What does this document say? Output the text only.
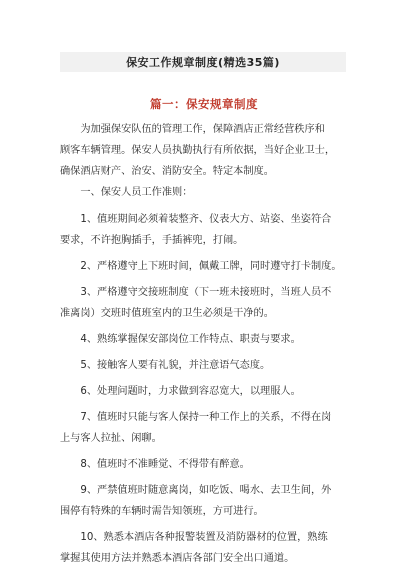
保安工作规章制度(精选35篇)
篇一：保安规章制度
　　为加强保安队伍的管理工作，保障酒店正常经营秩序和
顾客车辆管理。保安人员执勤执行有所依据，当好企业卫士，
确保酒店财产、治安、消防安全。特定本制度。
　　一、保安人员工作准则：
　　1、值班期间必须着装整齐、仪表大方、站姿、坐姿符合
要求，不许抱胸插手，手插裤兜，打闹。
　　2、严格遵守上下班时间，佩戴工牌，同时遵守打卡制度。
　　3、严格遵守交接班制度（下一班未接班时，当班人员不
准离岗）交班时值班室内的卫生必须是干净的。
　　4、熟练掌握保安部岗位工作特点、职责与要求。
　　5、接触客人要有礼貌，并注意语气态度。
　　6、处理问题时，力求做到容忍宽大，以理服人。
　　7、值班时只能与客人保持一种工作上的关系，不得在岗
上与客人拉扯、闲聊。
　　8、值班时不准睡觉、不得带有醉意。
　　9、严禁值班时随意离岗，如吃饭、喝水、去卫生间，外
围停有特殊的车辆时需告知领班，方可进行。
　　10、熟悉本酒店各种报警装置及消防器材的位置，熟练
掌握其使用方法并熟悉本酒店各部门安全出口通道。
